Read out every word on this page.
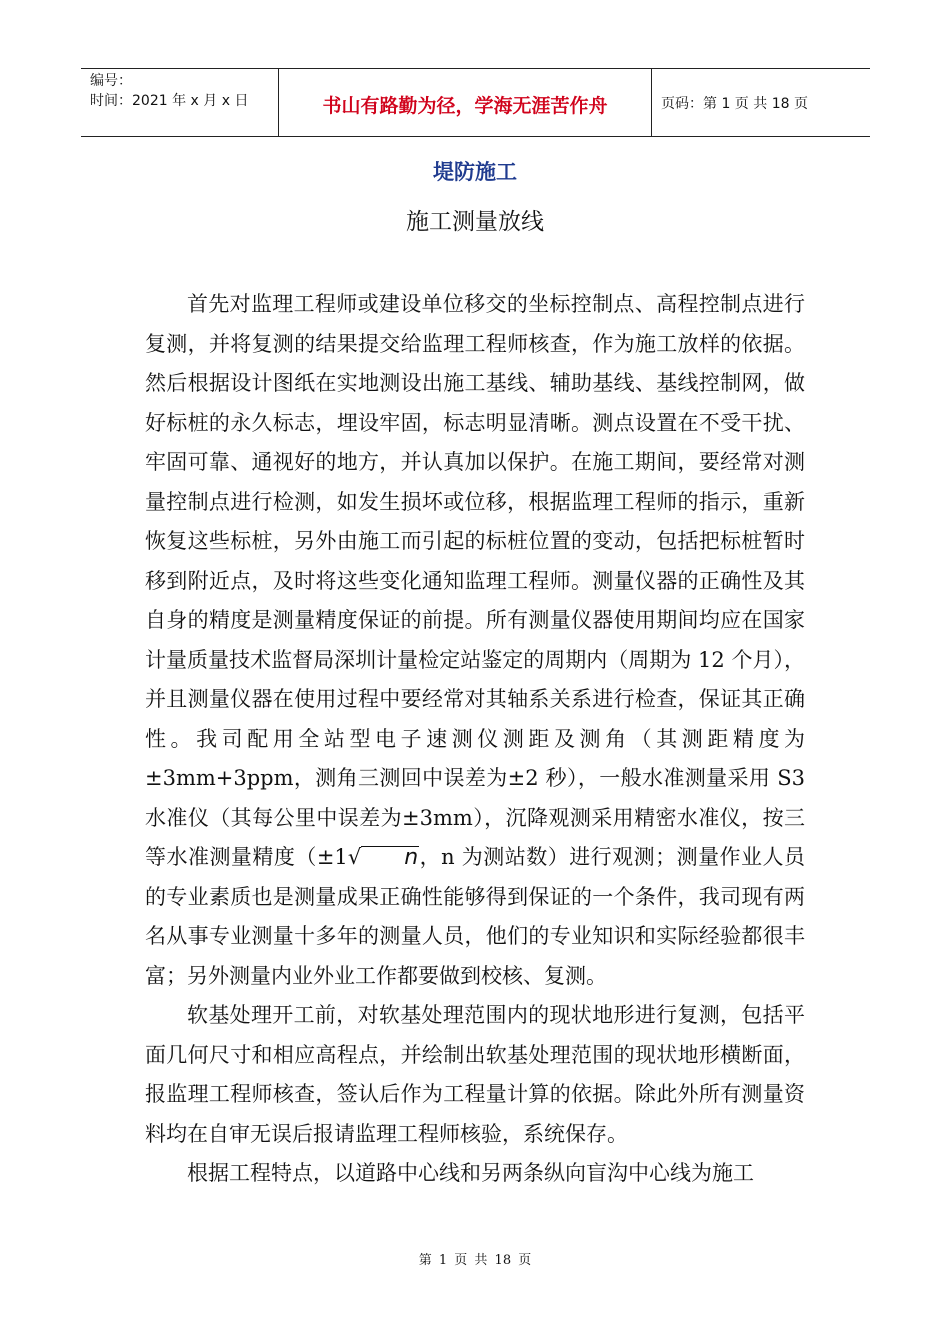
编号：
时间：2021 年 x 月 x 日	书山有路勤为径，学海无涯苦作舟	页码：第 1 页 共 18 页
堤防施工
施工测量放线

首先对监理工程师或建设单位移交的坐标控制点、高程控制点进行复测，并将复测的结果提交给监理工程师核查，作为施工放样的依据。然后根据设计图纸在实地测设出施工基线、辅助基线、基线控制网，做好标桩的永久标志，埋设牢固，标志明显清晰。测点设置在不受干扰、牢固可靠、通视好的地方，并认真加以保护。在施工期间，要经常对测量控制点进行检测，如发生损坏或位移，根据监理工程师的指示，重新恢复这些标桩，另外由施工而引起的标桩位置的变动，包括把标桩暂时移到附近点，及时将这些变化通知监理工程师。测量仪器的正确性及其自身的精度是测量精度保证的前提。所有测量仪器使用期间均应在国家计量质量技术监督局深圳计量检定站鉴定的周期内（周期为 12 个月），并且测量仪器在使用过程中要经常对其轴系关系进行检查，保证其正确性。我司配用全站型电子速测仪测距及测角（其测距精度为±3mm+3ppm，测角三测回中误差为±2 秒），一般水准测量采用 S3 水准仪（其每公里中误差为±3mm），沉降观测采用精密水准仪，按三等水准测量精度（±1√ n，n 为测站数）进行观测；测量作业人员的专业素质也是测量成果正确性能够得到保证的一个条件，我司现有两名从事专业测量十多年的测量人员，他们的专业知识和实际经验都很丰富；另外测量内业外业工作都要做到校核、复测。

软基处理开工前，对软基处理范围内的现状地形进行复测，包括平面几何尺寸和相应高程点，并绘制出软基处理范围的现状地形横断面，报监理工程师核查，签认后作为工程量计算的依据。除此外所有测量资料均在自审无误后报请监理工程师核验，系统保存。

根据工程特点，以道路中心线和另两条纵向盲沟中心线为施工

第 1 页 共 18 页
